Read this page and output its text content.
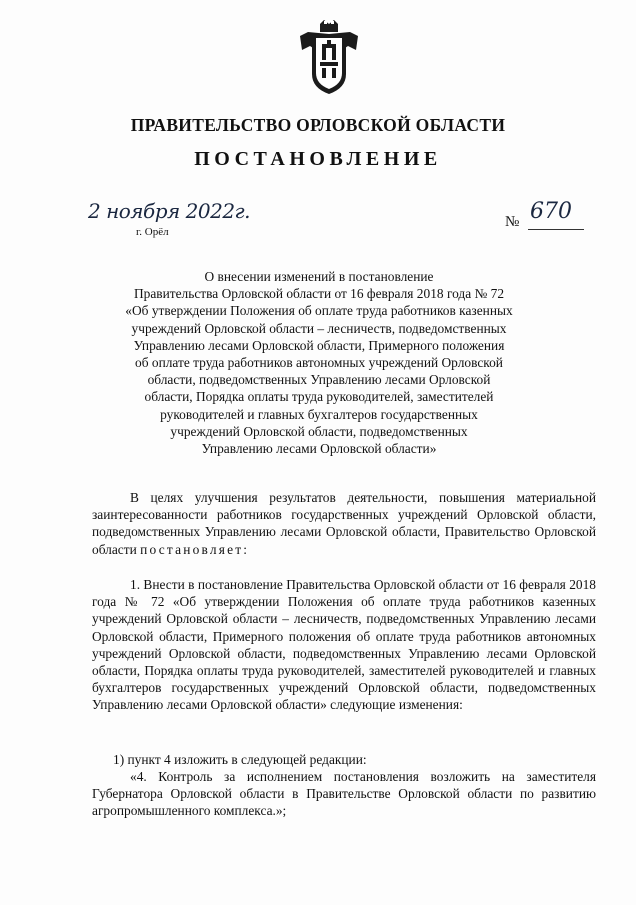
ПРАВИТЕЛЬСТВО ОРЛОВСКОЙ ОБЛАСТИ
ПОСТАНОВЛЕНИЕ
2 ноября 2022г.
г. Орёл
№ 670
О внесении изменений в постановление
Правительства Орловской области от 16 февраля 2018 года № 72
«Об утверждении Положения об оплате труда работников казенных
учреждений Орловской области – лесничеств, подведомственных
Управлению лесами Орловской области, Примерного положения
об оплате труда работников автономных учреждений Орловской
области, подведомственных Управлению лесами Орловской
области, Порядка оплаты труда руководителей, заместителей
руководителей и главных бухгалтеров государственных
учреждений Орловской области, подведомственных
Управлению лесами Орловской области»
В целях улучшения результатов деятельности, повышения материальной заинтересованности работников государственных учреждений Орловской области, подведомственных Управлению лесами Орловской области, Правительство Орловской области постановляет:
1. Внести в постановление Правительства Орловской области от 16 февраля 2018 года № 72 «Об утверждении Положения об оплате труда работников казенных учреждений Орловской области – лесничеств, подведомственных Управлению лесами Орловской области, Примерного положения об оплате труда работников автономных учреждений Орловской области, подведомственных Управлению лесами Орловской области, Порядка оплаты труда руководителей, заместителей руководителей и главных бухгалтеров государственных учреждений Орловской области, подведомственных Управлению лесами Орловской области» следующие изменения:
1) пункт 4 изложить в следующей редакции:
«4. Контроль за исполнением постановления возложить на заместителя Губернатора Орловской области в Правительстве Орловской области по развитию агропромышленного комплекса.»;
